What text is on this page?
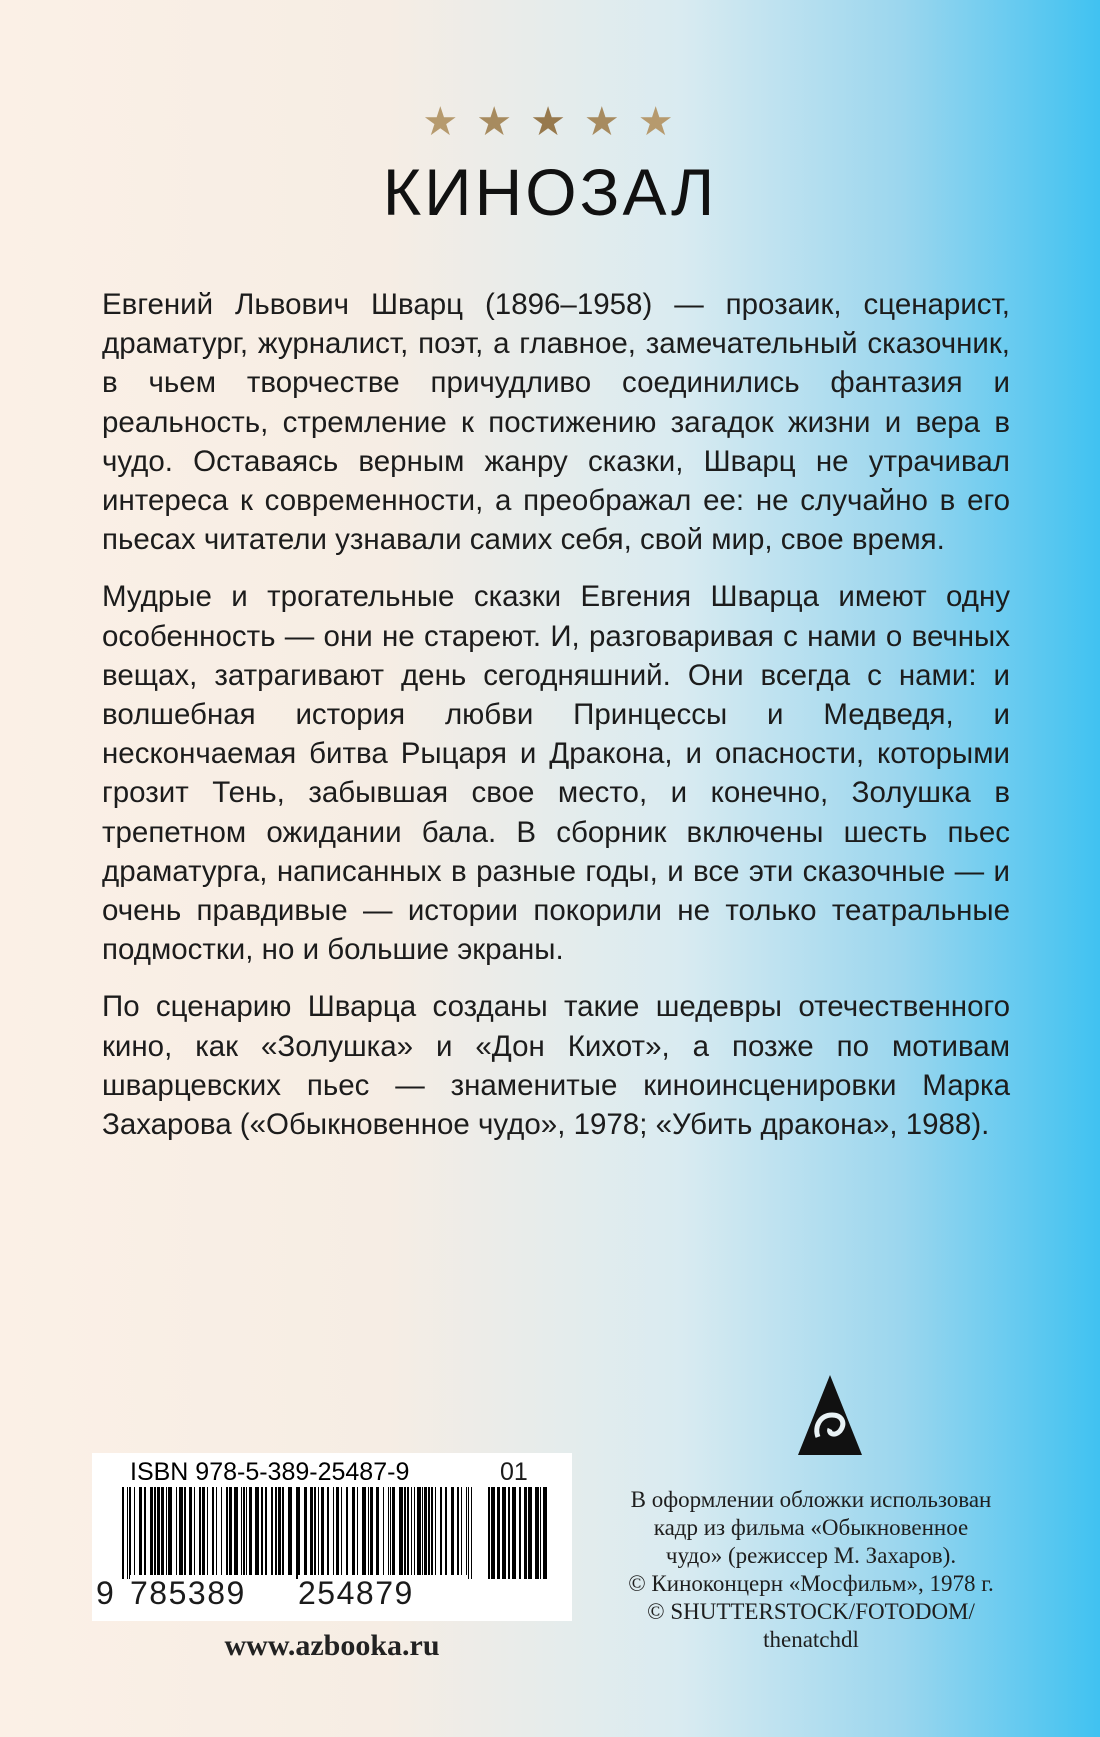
★ ★ ★ ★ ★
КИНОЗАЛ

Евгений Львович Шварц (1896–1958) — прозаик, сценарист, драматург, журналист, поэт, а главное, замечательный сказочник, в чьем творчестве причудливо соединились фантазия и реальность, стремление к постижению загадок жизни и вера в чудо. Оставаясь верным жанру сказки, Шварц не утрачивал интереса к современности, а преображал ее: не случайно в его пьесах читатели узнавали самих себя, свой мир, свое время.

Мудрые и трогательные сказки Евгения Шварца имеют одну особенность — они не стареют. И, разговаривая с нами о вечных вещах, затрагивают день сегодняшний. Они всегда с нами: и волшебная история любви Принцессы и Медведя, и нескончаемая битва Рыцаря и Дракона, и опасности, которыми грозит Тень, забывшая свое место, и конечно, Золушка в трепетном ожидании бала. В сборник включены шесть пьес драматурга, написанных в разные годы, и все эти сказочные — и очень правдивые — истории покорили не только театральные подмостки, но и большие экраны.

По сценарию Шварца созданы такие шедевры отечественного кино, как «Золушка» и «Дон Кихот», а позже по мотивам шварцевских пьес — знаменитые киноинсценировки Марка Захарова («Обыкновенное чудо», 1978; «Убить дракона», 1988).

ISBN 978-5-389-25487-9	01
9 785389	254879
www.azbooka.ru
В оформлении обложки использован
кадр из фильма «Обыкновенное
чудо» (режиссер М. Захаров).
© Киноконцерн «Мосфильм», 1978 г.
© SHUTTERSTOCK/FOTODOM/
thenatchdl
